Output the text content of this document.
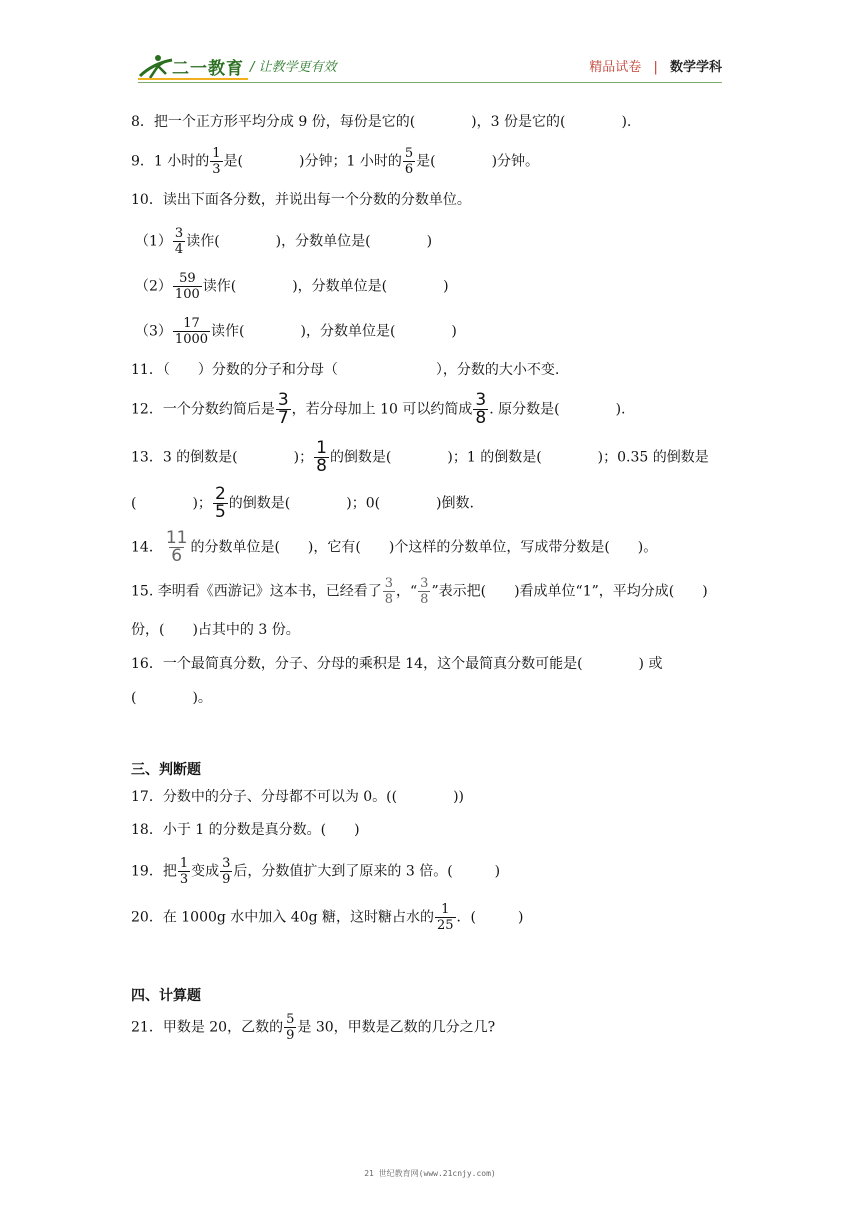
二一教育 / 让教学更有效	精品试卷 | 数学学科
8．把一个正方形平均分成 9 份，每份是它的(　　　　)，3 份是它的(　　　　).
9．1 小时的 $\frac{1}{3}$ 是(　　　　)分钟；1 小时的 $\frac{5}{6}$ 是(　　　　)分钟。
10．读出下面各分数，并说出每一个分数的分数单位。
$(1) \frac{3}{4}$ 读作(　　　　)，分数单位是(　　　　)
$(2) \frac{59}{100}$ 读作(　　　　)，分数单位是(　　　　)
$(3) \frac{17}{1000}$ 读作(　　　　)，分数单位是(　　　　)
11．（　　）分数的分子和分母（　　　　　　　），分数的大小不变.
12．一个分数约简后是 $\frac{3}{7}$ ，若分母加上 10 可以约简成 $\frac{3}{8}$ . 原分数是(　　　　).
13．3 的倒数是(　　　　)； $\frac{1}{8}$ 的倒数是(　　　　)；1 的倒数是(　　　　)；0.35 的倒数是
(　　　　)； $\frac{2}{5}$ 的倒数是(　　　　)；0(　　　　)倒数.
14． $\frac{11}{6}$ 的分数单位是(　　)，它有(　　)个这样的分数单位，写成带分数是(　　)。
15. 李明看《西游记》这本书，已经看了 $\frac{3}{8}$ ，“ $\frac{3}{8}$ ”表示把(　　)看成单位“1”，平均分成(　　)
份，(　　)占其中的 3 份。
16．一个最简真分数，分子、分母的乘积是 14，这个最简真分数可能是(　　　　) 或
(　　　　)。
三、判断题
17．分数中的分子、分母都不可以为 0。((　　　　))
18．小于 1 的分数是真分数。(　　)
19．把 $\frac{1}{3}$ 变成 $\frac{3}{9}$ 后，分数值扩大到了原来的 3 倍。(　　　)
20．在 1000g 水中加入 40g 糖，这时糖占水的 $\frac{1}{25}$ ．(　　　)
四、计算题
21．甲数是 20，乙数的 $\frac{5}{9}$ 是 30，甲数是乙数的几分之几?
21 世纪教育网(www.21cnjy.com)
